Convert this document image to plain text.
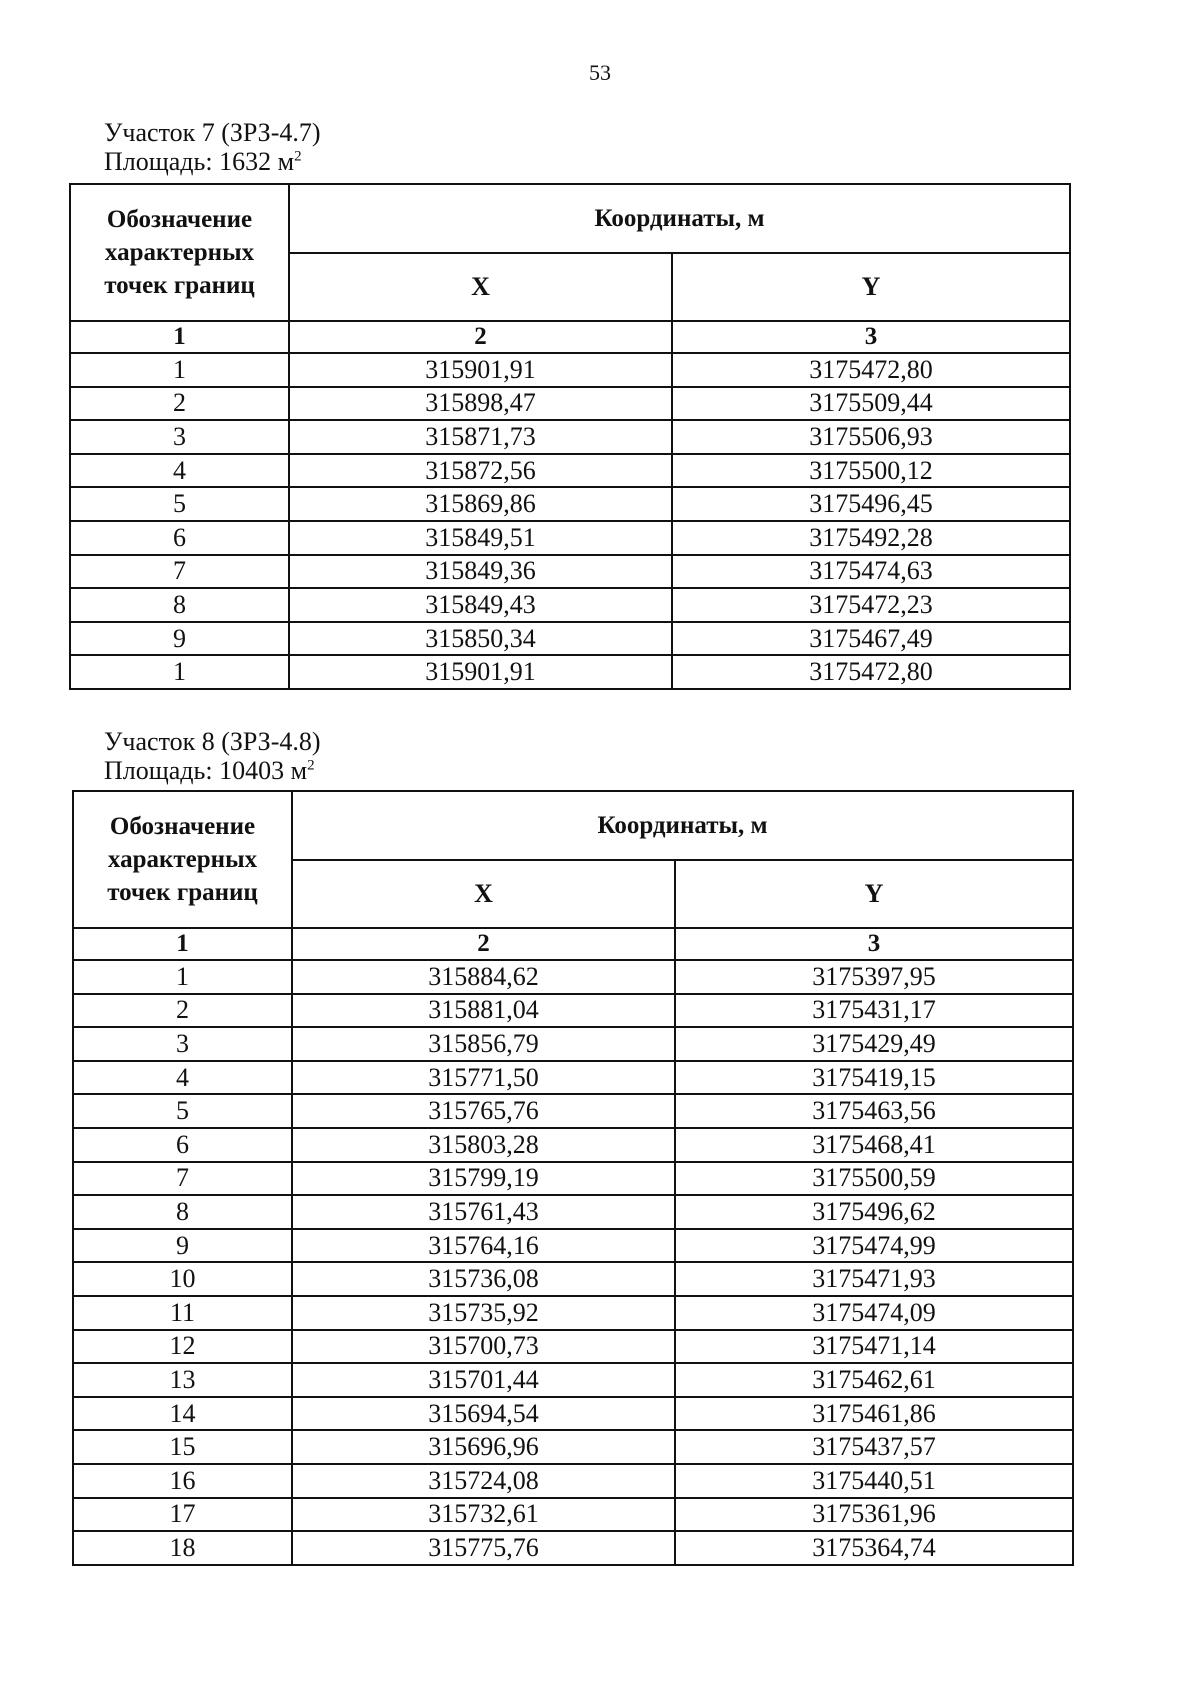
53
Участок 7 (ЗРЗ-4.7)
Площадь: 1632 $м^2$
Обозначение характерных точек границ	Координаты, м	
	X	Y
1	2	3
1	315901,91	3175472,80
2	315898,47	3175509,44
3	315871,73	3175506,93
4	315872,56	3175500,12
5	315869,86	3175496,45
6	315849,51	3175492,28
7	315849,36	3175474,63
8	315849,43	3175472,23
9	315850,34	3175467,49
1	315901,91	3175472,80
Участок 8 (ЗРЗ-4.8)
Площадь: 10403 $м^2$
Обозначение характерных точек границ	Координаты, м	
	X	Y
1	2	3
1	315884,62	3175397,95
2	315881,04	3175431,17
3	315856,79	3175429,49
4	315771,50	3175419,15
5	315765,76	3175463,56
6	315803,28	3175468,41
7	315799,19	3175500,59
8	315761,43	3175496,62
9	315764,16	3175474,99
10	315736,08	3175471,93
11	315735,92	3175474,09
12	315700,73	3175471,14
13	315701,44	3175462,61
14	315694,54	3175461,86
15	315696,96	3175437,57
16	315724,08	3175440,51
17	315732,61	3175361,96
18	315775,76	3175364,74
